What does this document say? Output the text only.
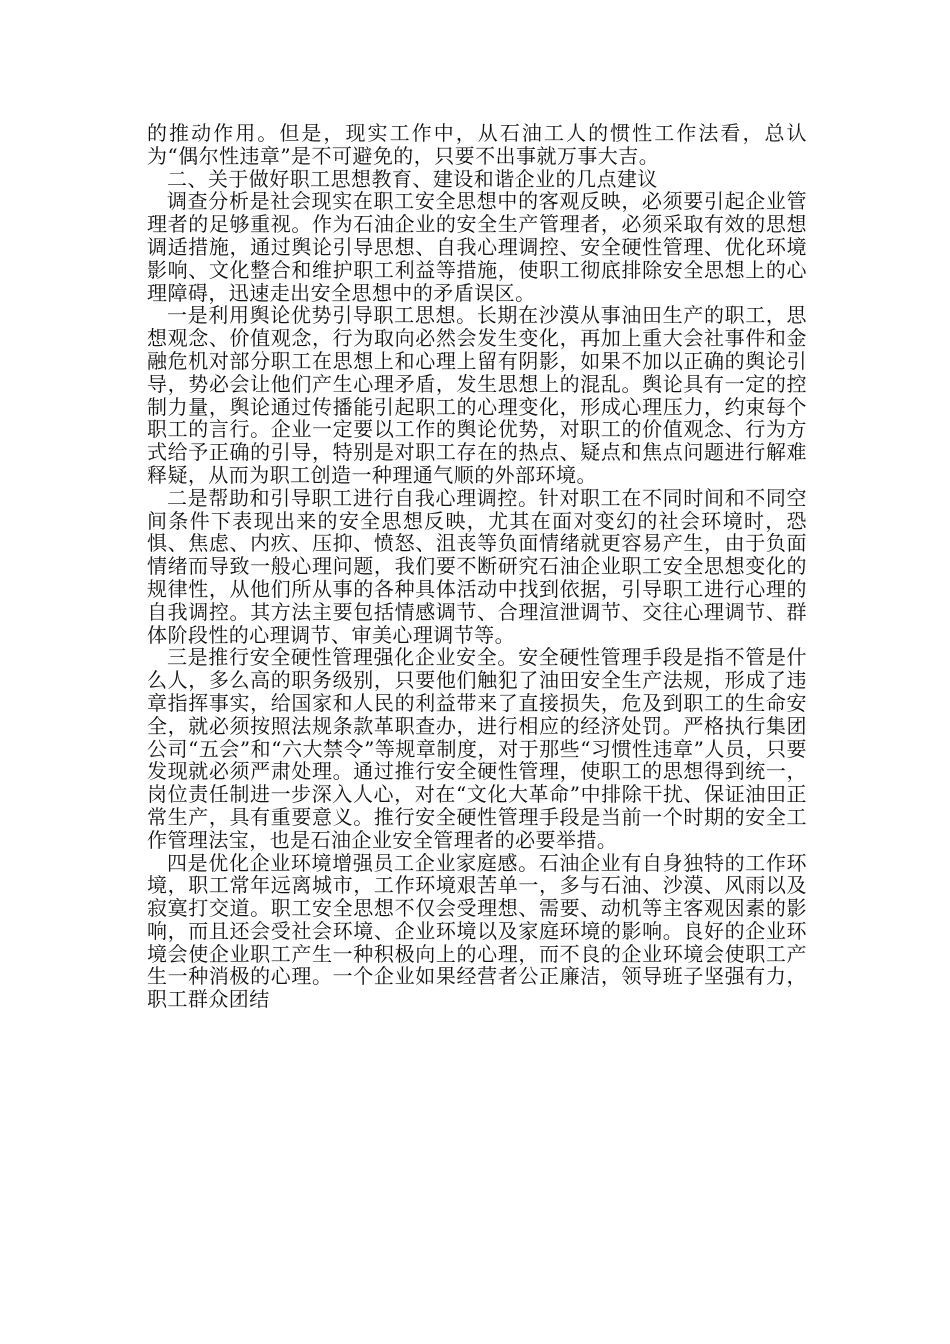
的推动作用。但是，现实工作中，从石油工人的惯性工作法看，总认为“偶尔性违章”是不可避免的，只要不出事就万事大吉。

二、关于做好职工思想教育、建设和谐企业的几点建议

调查分析是社会现实在职工安全思想中的客观反映，必须要引起企业管理者的足够重视。作为石油企业的安全生产管理者，必须采取有效的思想调适措施，通过舆论引导思想、自我心理调控、安全硬性管理、优化环境影响、文化整合和维护职工利益等措施，使职工彻底排除安全思想上的心理障碍，迅速走出安全思想中的矛盾误区。

一是利用舆论优势引导职工思想。长期在沙漠从事油田生产的职工，思想观念、价值观念，行为取向必然会发生变化，再加上重大会社事件和金融危机对部分职工在思想上和心理上留有阴影，如果不加以正确的舆论引导，势必会让他们产生心理矛盾，发生思想上的混乱。舆论具有一定的控制力量，舆论通过传播能引起职工的心理变化，形成心理压力，约束每个职工的言行。企业一定要以工作的舆论优势，对职工的价值观念、行为方式给予正确的引导，特别是对职工存在的热点、疑点和焦点问题进行解难释疑，从而为职工创造一种理通气顺的外部环境。

二是帮助和引导职工进行自我心理调控。针对职工在不同时间和不同空间条件下表现出来的安全思想反映，尤其在面对变幻的社会环境时，恐惧、焦虑、内疚、压抑、愤怒、沮丧等负面情绪就更容易产生，由于负面情绪而导致一般心理问题，我们要不断研究石油企业职工安全思想变化的规律性，从他们所从事的各种具体活动中找到依据，引导职工进行心理的自我调控。其方法主要包括情感调节、合理渲泄调节、交往心理调节、群体阶段性的心理调节、审美心理调节等。

三是推行安全硬性管理强化企业安全。安全硬性管理手段是指不管是什么人，多么高的职务级别，只要他们触犯了油田安全生产法规，形成了违章指挥事实，给国家和人民的利益带来了直接损失，危及到职工的生命安全，就必须按照法规条款革职查办，进行相应的经济处罚。严格执行集团公司“五会”和“六大禁令”等规章制度，对于那些“习惯性违章”人员，只要发现就必须严肃处理。通过推行安全硬性管理，使职工的思想得到统一，岗位责任制进一步深入人心，对在“文化大革命”中排除干扰、保证油田正常生产，具有重要意义。推行安全硬性管理手段是当前一个时期的安全工作管理法宝，也是石油企业安全管理者的必要举措。

四是优化企业环境增强员工企业家庭感。石油企业有自身独特的工作环境，职工常年远离城市，工作环境艰苦单一，多与石油、沙漠、风雨以及寂寞打交道。职工安全思想不仅会受理想、需要、动机等主客观因素的影响，而且还会受社会环境、企业环境以及家庭环境的影响。良好的企业环境会使企业职工产生一种积极向上的心理，而不良的企业环境会使职工产生一种消极的心理。一个企业如果经营者公正廉洁，领导班子坚强有力，职工群众团结
